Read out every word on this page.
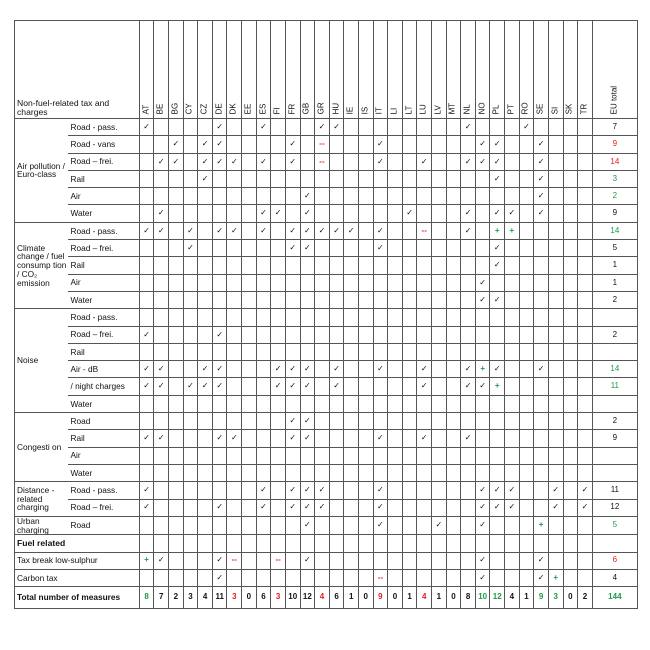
Non-fuel-related tax and charges		AT	BE	BG	CY	CZ	DE	DK	EE	ES	FI	FR	GB	GR	HU	IE	IS	IT	LI	LT	LU	LV	MT	NL	NO	PL	PT	RO	SE	SI	SK	TR	EU total

Air pollution / Euro-class	Road - pass.	✓					✓			✓				✓	✓									✓				✓					7
	Road - vans			✓		✓	✓					✓		--				✓							✓	✓			✓				9
	Road – frei.		✓	✓		✓	✓	✓		✓		✓		--				✓			✓			✓	✓	✓			✓				14
	Rail					✓																				✓			✓				3
	Air												✓																✓				2
	Water		✓							✓	✓		✓							✓				✓		✓	✓		✓				9
Climate change / fuel consump tion / CO₂ emission	Road - pass.	✓	✓		✓		✓	✓		✓		✓	✓	✓	✓	✓		✓			--			✓		+	+						14
	Road – frei.				✓							✓	✓					✓								✓							5
	Rail																									✓							1
	Air																								✓								1
	Water																								✓	✓							2
Noise	Road - pass.																																
	Road – frei.	✓					✓																										2
	Rail																																
	Air - dB	✓	✓			✓	✓				✓	✓	✓		✓			✓			✓			✓	+	✓			✓				14
	/ night charges	✓	✓		✓	✓	✓				✓	✓	✓		✓						✓			✓	✓	+							11
	Water																																
Congesti on	Road											✓	✓																				2
	Rail	✓	✓				✓	✓				✓	✓					✓			✓			✓									9
	Air																																
	Water																																
Distance -related charging	Road - pass.	✓								✓		✓	✓	✓				✓							✓	✓	✓			✓		✓	11
	Road – frei.	✓					✓			✓		✓	✓	✓				✓							✓	✓	✓			✓		✓	12
Urban charging	Road												✓					✓				✓			✓				+				5
Fuel related																																	
Tax break low-sulphur		+	✓				✓	--			--		✓												✓				✓				6
Carbon tax							✓											--							✓				✓	+			4
Total number of measures		8	7	2	3	4	11	3	0	6	3	10	12	4	6	1	0	9	0	1	4	1	0	8	10	12	4	1	9	3	0	2	144
